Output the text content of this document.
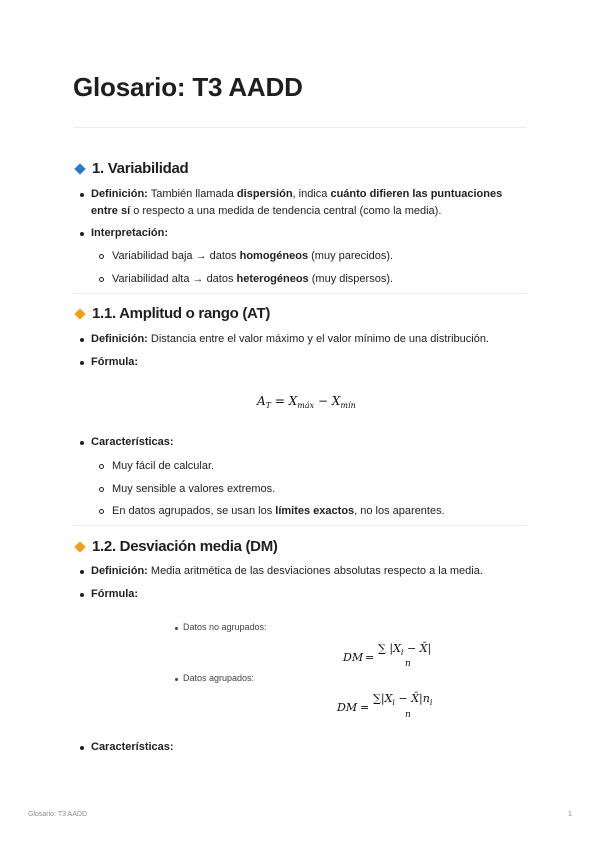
Glosario: T3 AADD
1. Variabilidad
Definición: También llamada dispersión, indica cuánto difieren las puntuaciones
entre sí o respecto a una medida de tendencia central (como la media).
Interpretación:
Variabilidad baja → datos homogéneos (muy parecidos).
Variabilidad alta → datos heterogéneos (muy dispersos).
1.1. Amplitud o rango (AT)
Definición: Distancia entre el valor máximo y el valor mínimo de una distribución.
Fórmula:
$A_T = X_{máx} - X_{mín}$
Características:
Muy fácil de calcular.
Muy sensible a valores extremos.
En datos agrupados, se usan los límites exactos, no los aparentes.
1.2. Desviación media (DM)
Definición: Media aritmética de las desviaciones absolutas respecto a la media.
Fórmula:
Datos no agrupados:
DM =
∑ $|X_i$ − X̄|
n
Datos agrupados:
DM =
$\sum|X_i$ − $X̄|n_i$
n
Características:
Glosario: T3 AADD	1
